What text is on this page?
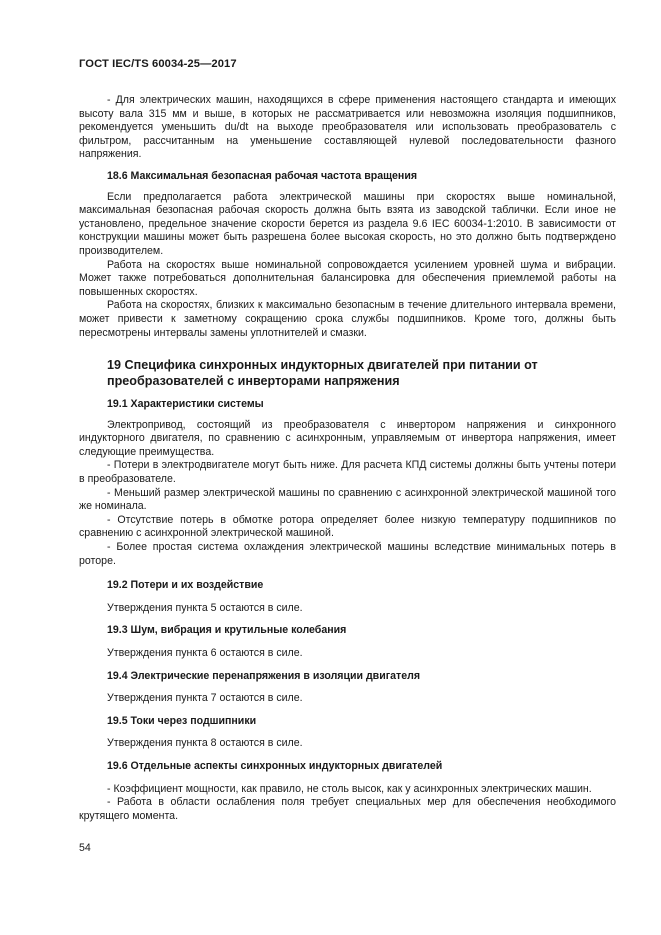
ГОСТ IEC/TS 60034-25—2017

- Для электрических машин, находящихся в сфере применения настоящего стандарта и имеющих высоту вала 315 мм и выше, в которых не рассматривается или невозможна изоляция подшипников, рекомендуется уменьшить du/dt на выходе преобразователя или использовать преобразователь с фильтром, рассчитанным на уменьшение составляющей нулевой последовательности фазного напряжения.

18.6 Максимальная безопасная рабочая частота вращения

Если предполагается работа электрической машины при скоростях выше номинальной, максимальная безопасная рабочая скорость должна быть взята из заводской таблички. Если иное не установлено, предельное значение скорости берется из раздела 9.6 IEC 60034-1:2010. В зависимости от конструкции машины может быть разрешена более высокая скорость, но это должно быть подтверждено производителем.

Работа на скоростях выше номинальной сопровождается усилением уровней шума и вибрации. Может также потребоваться дополнительная балансировка для обеспечения приемлемой работы на повышенных скоростях.

Работа на скоростях, близких к максимально безопасным в течение длительного интервала времени, может привести к заметному сокращению срока службы подшипников. Кроме того, должны быть пересмотрены интервалы замены уплотнителей и смазки.

19 Специфика синхронных индукторных двигателей при питании от преобразователей с инверторами напряжения

19.1 Характеристики системы

Электропривод, состоящий из преобразователя с инвертором напряжения и синхронного индукторного двигателя, по сравнению с асинхронным, управляемым от инвертора напряжения, имеет следующие преимущества.

- Потери в электродвигателе могут быть ниже. Для расчета КПД системы должны быть учтены потери в преобразователе.

- Меньший размер электрической машины по сравнению с асинхронной электрической машиной того же номинала.

- Отсутствие потерь в обмотке ротора определяет более низкую температуру подшипников по сравнению с асинхронной электрической машиной.

- Более простая система охлаждения электрической машины вследствие минимальных потерь в роторе.

19.2 Потери и их воздействие

Утверждения пункта 5 остаются в силе.

19.3 Шум, вибрация и крутильные колебания

Утверждения пункта 6 остаются в силе.

19.4 Электрические перенапряжения в изоляции двигателя

Утверждения пункта 7 остаются в силе.

19.5 Токи через подшипники

Утверждения пункта 8 остаются в силе.

19.6 Отдельные аспекты синхронных индукторных двигателей

- Коэффициент мощности, как правило, не столь высок, как у асинхронных электрических машин.

- Работа в области ослабления поля требует специальных мер для обеспечения необходимого крутящего момента.

54
